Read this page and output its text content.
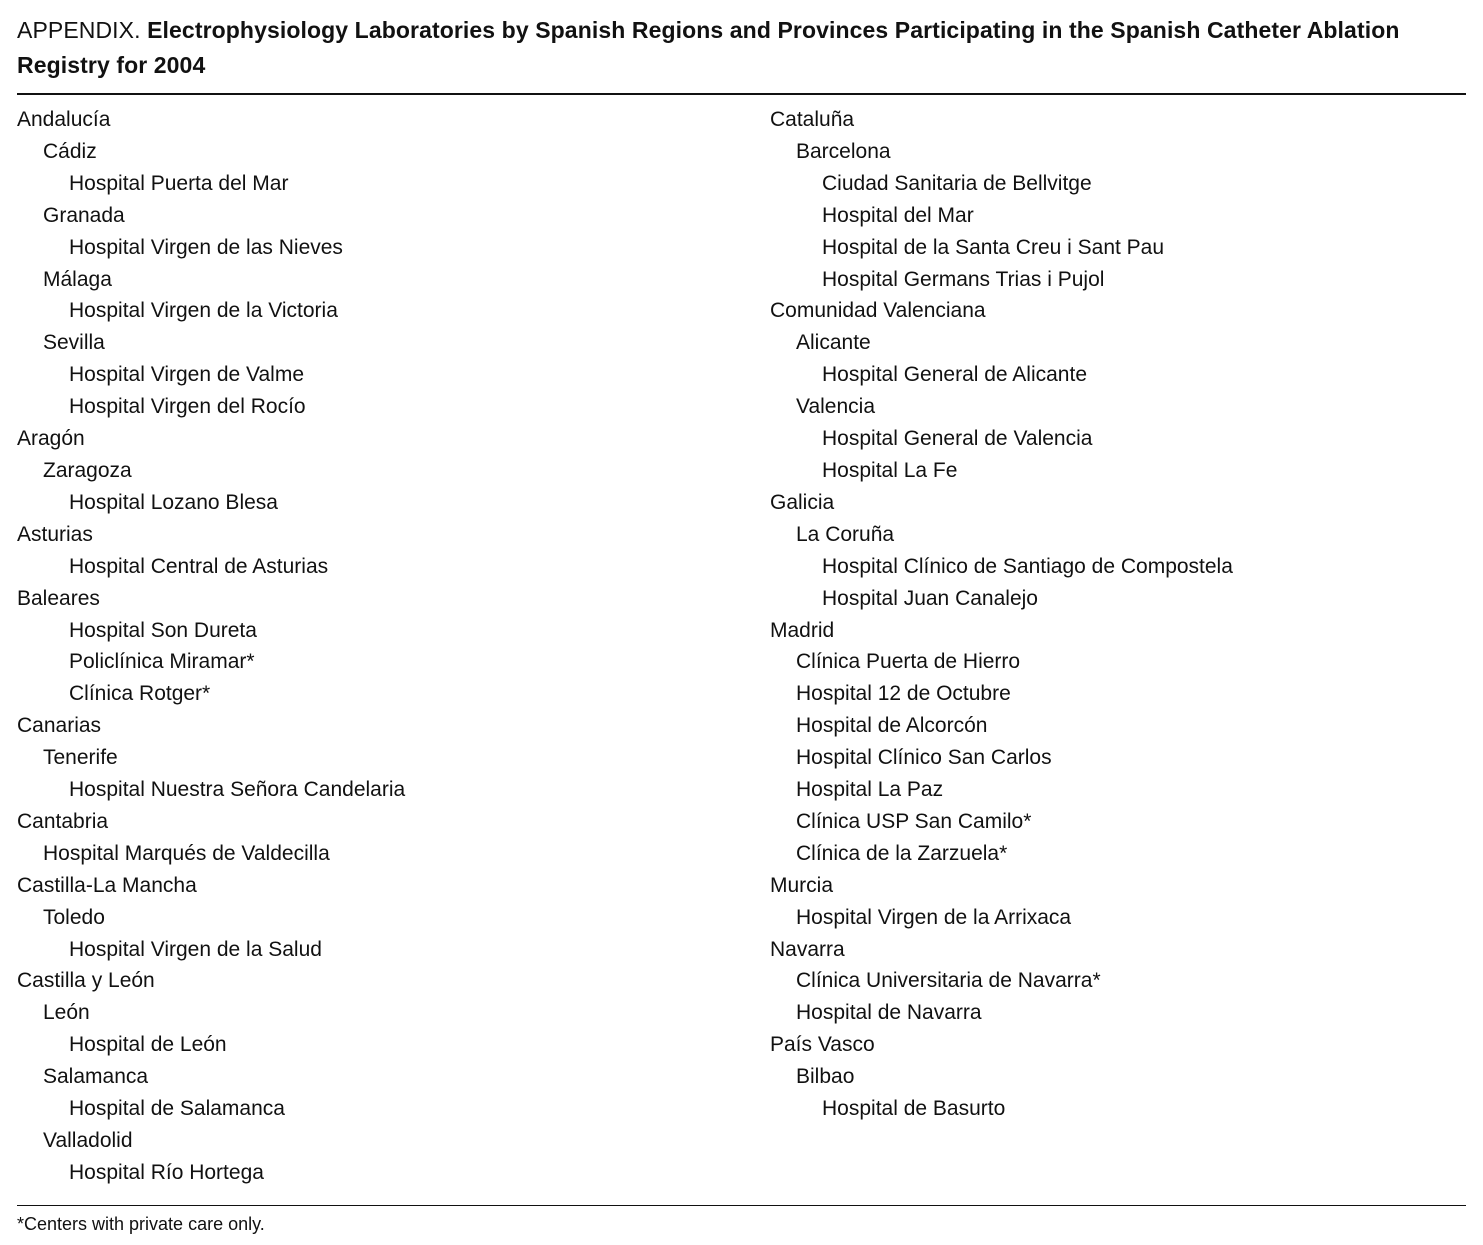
APPENDIX. Electrophysiology Laboratories by Spanish Regions and Provinces Participating in the Spanish Catheter Ablation Registry for 2004
Andalucía
Cádiz
Hospital Puerta del Mar
Granada
Hospital Virgen de las Nieves
Málaga
Hospital Virgen de la Victoria
Sevilla
Hospital Virgen de Valme
Hospital Virgen del Rocío
Aragón
Zaragoza
Hospital Lozano Blesa
Asturias
Hospital Central de Asturias
Baleares
Hospital Son Dureta
Policlínica Miramar*
Clínica Rotger*
Canarias
Tenerife
Hospital Nuestra Señora Candelaria
Cantabria
Hospital Marqués de Valdecilla
Castilla-La Mancha
Toledo
Hospital Virgen de la Salud
Castilla y León
León
Hospital de León
Salamanca
Hospital de Salamanca
Valladolid
Hospital Río Hortega
Cataluña
Barcelona
Ciudad Sanitaria de Bellvitge
Hospital del Mar
Hospital de la Santa Creu i Sant Pau
Hospital Germans Trias i Pujol
Comunidad Valenciana
Alicante
Hospital General de Alicante
Valencia
Hospital General de Valencia
Hospital La Fe
Galicia
La Coruña
Hospital Clínico de Santiago de Compostela
Hospital Juan Canalejo
Madrid
Clínica Puerta de Hierro
Hospital 12 de Octubre
Hospital de Alcorcón
Hospital Clínico San Carlos
Hospital La Paz
Clínica USP San Camilo*
Clínica de la Zarzuela*
Murcia
Hospital Virgen de la Arrixaca
Navarra
Clínica Universitaria de Navarra*
Hospital de Navarra
País Vasco
Bilbao
Hospital de Basurto
*Centers with private care only.
